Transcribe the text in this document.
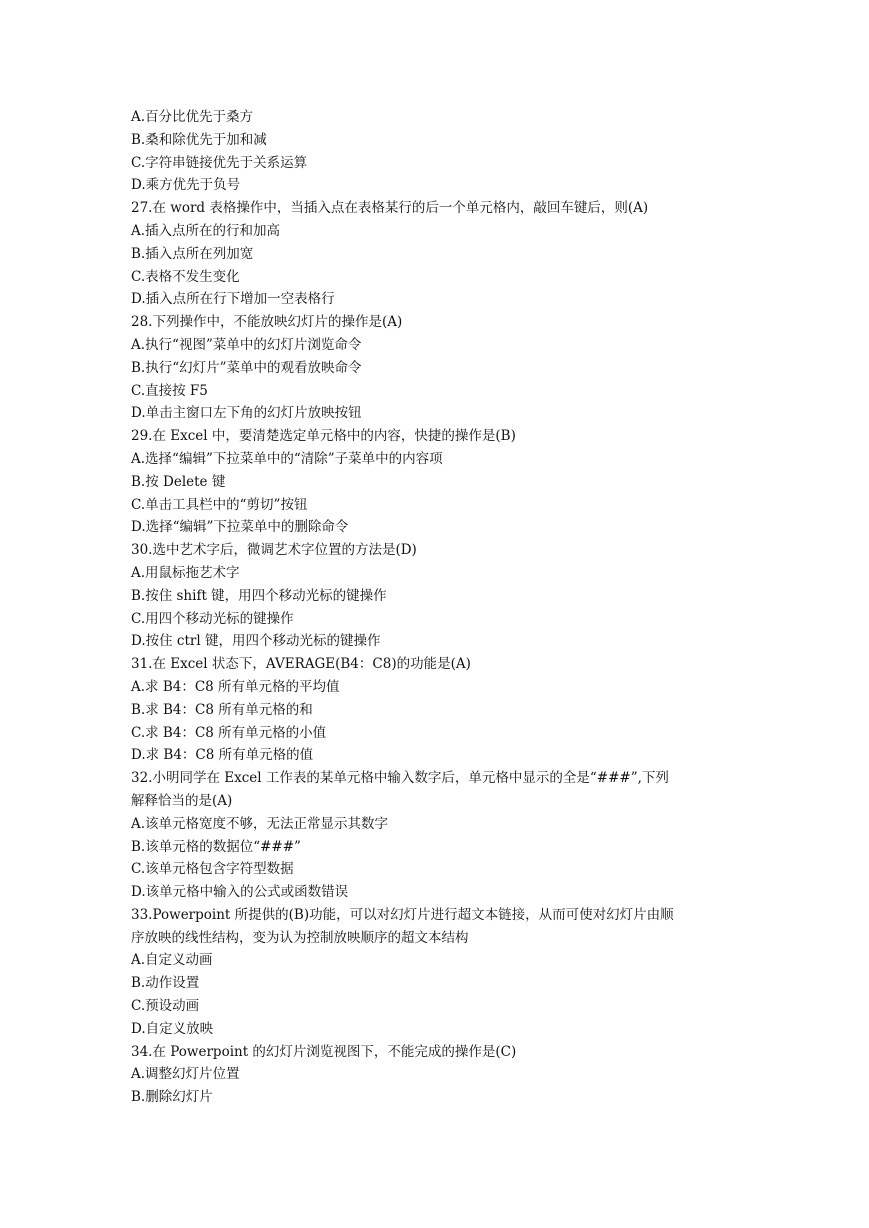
A.百分比优先于桑方
B.桑和除优先于加和减
C.字符串链接优先于关系运算
D.乘方优先于负号
27.在 word 表格操作中，当插入点在表格某行的后一个单元格内，敲回车键后，则(A)
A.插入点所在的行和加高
B.插入点所在列加宽
C.表格不发生变化
D.插入点所在行下增加一空表格行
28.下列操作中，不能放映幻灯片的操作是(A)
A.执行“视图”菜单中的幻灯片浏览命令
B.执行“幻灯片”菜单中的观看放映命令
C.直接按 F5
D.单击主窗口左下角的幻灯片放映按钮
29.在 Excel 中，要清楚选定单元格中的内容，快捷的操作是(B)
A.选择“编辑”下拉菜单中的“清除”子菜单中的内容项
B.按 Delete 键
C.单击工具栏中的“剪切”按钮
D.选择“编辑”下拉菜单中的删除命令
30.选中艺术字后，微调艺术字位置的方法是(D)
A.用鼠标拖艺术字
B.按住 shift 键，用四个移动光标的键操作
C.用四个移动光标的键操作
D.按住 ctrl 键，用四个移动光标的键操作
31.在 Excel 状态下，AVERAGE(B4：C8)的功能是(A)
A.求 B4：C8 所有单元格的平均值
B.求 B4：C8 所有单元格的和
C.求 B4：C8 所有单元格的小值
D.求 B4：C8 所有单元格的值
32.小明同学在 Excel 工作表的某单元格中输入数字后，单元格中显示的全是“###”,下列
解释恰当的是(A)
A.该单元格宽度不够，无法正常显示其数字
B.该单元格的数据位“###”
C.该单元格包含字符型数据
D.该单元格中输入的公式或函数错误
33.Powerpoint 所提供的(B)功能，可以对幻灯片进行超文本链接，从而可使对幻灯片由顺
序放映的线性结构，变为认为控制放映顺序的超文本结构
A.自定义动画
B.动作设置
C.预设动画
D.自定义放映
34.在 Powerpoint 的幻灯片浏览视图下，不能完成的操作是(C)
A.调整幻灯片位置
B.删除幻灯片
